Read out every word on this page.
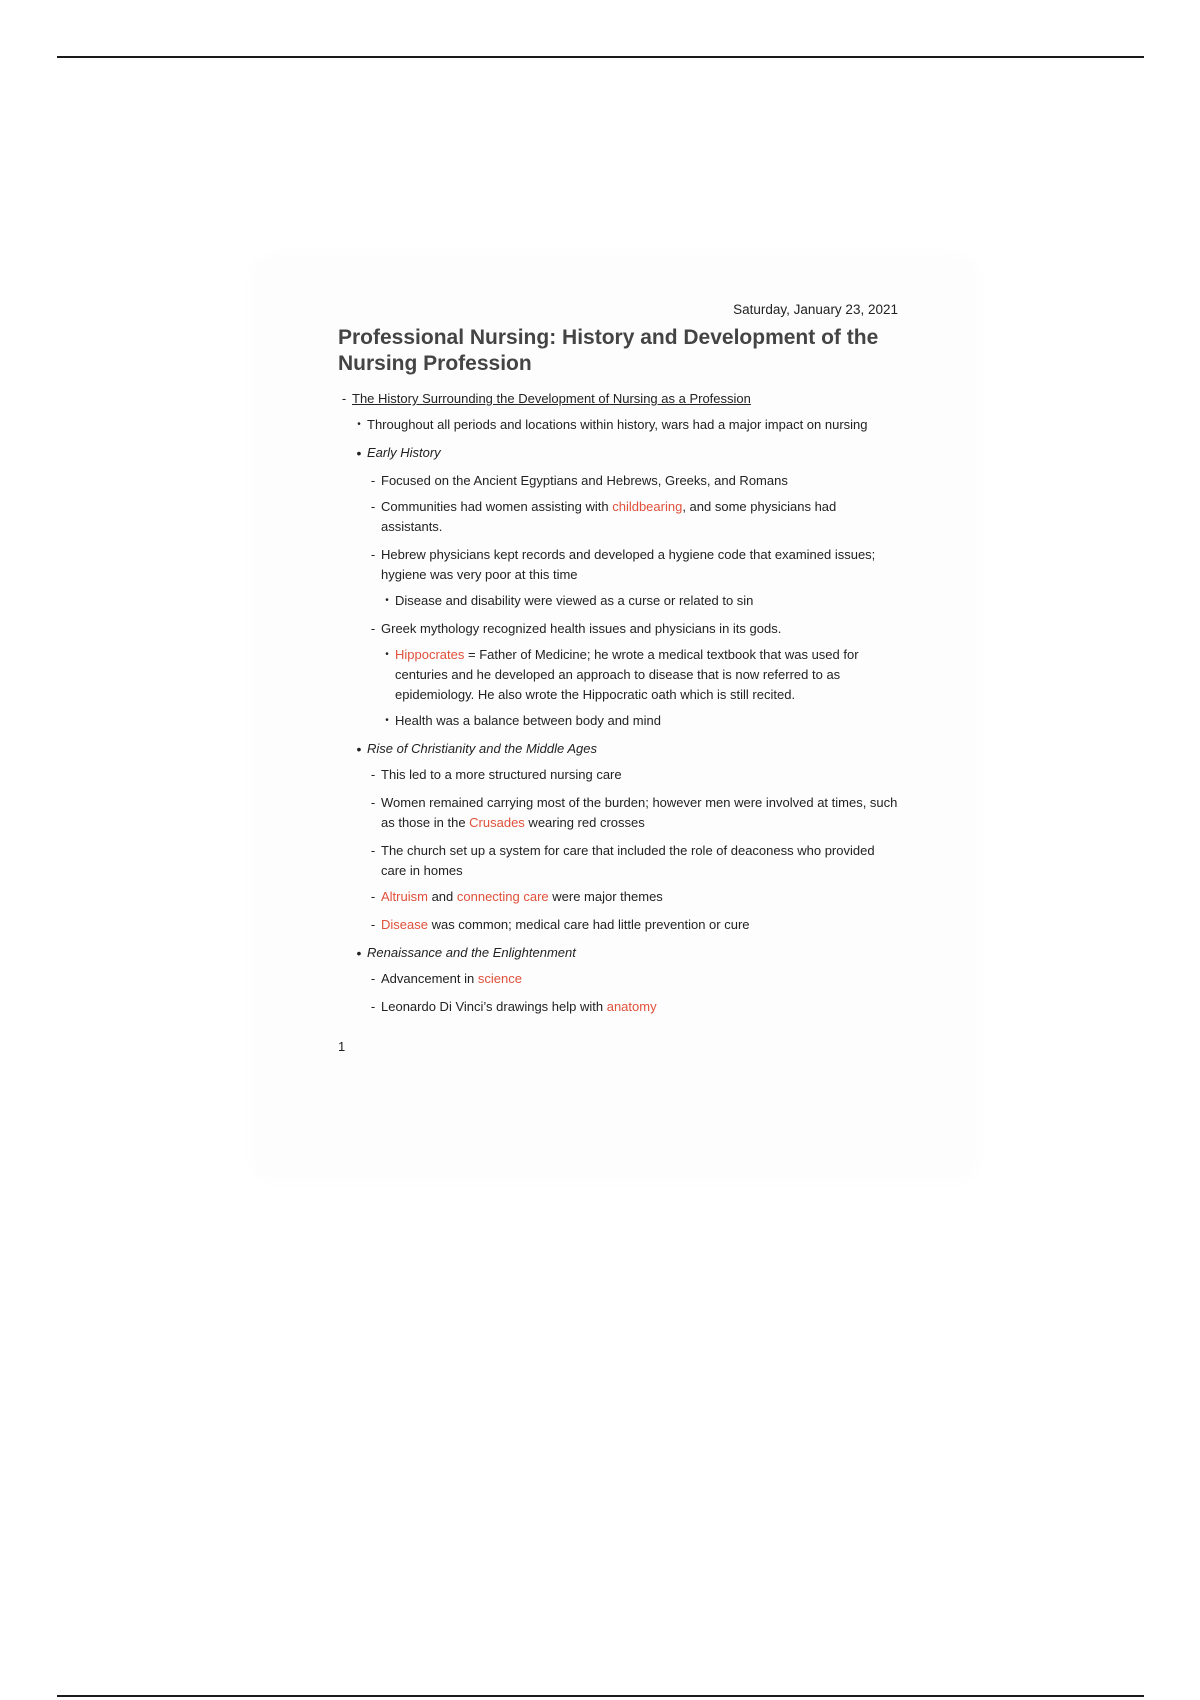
Saturday, January 23, 2021
Professional Nursing: History and Development of the Nursing Profession
- The History Surrounding the Development of Nursing as a Profession
• Throughout all periods and locations within history, wars had a major impact on nursing
• Early History
- Focused on the Ancient Egyptians and Hebrews, Greeks, and Romans
- Communities had women assisting with childbearing, and some physicians had assistants.
- Hebrew physicians kept records and developed a hygiene code that examined issues; hygiene was very poor at this time
• Disease and disability were viewed as a curse or related to sin
- Greek mythology recognized health issues and physicians in its gods.
• Hippocrates = Father of Medicine; he wrote a medical textbook that was used for centuries and he developed an approach to disease that is now referred to as epidemiology. He also wrote the Hippocratic oath which is still recited.
• Health was a balance between body and mind
• Rise of Christianity and the Middle Ages
- This led to a more structured nursing care
- Women remained carrying most of the burden; however men were involved at times, such as those in the Crusades wearing red crosses
- The church set up a system for care that included the role of deaconess who provided care in homes
- Altruism and connecting care were major themes
- Disease was common; medical care had little prevention or cure
• Renaissance and the Enlightenment
- Advancement in science
- Leonardo Di Vinci’s drawings help with anatomy
1
